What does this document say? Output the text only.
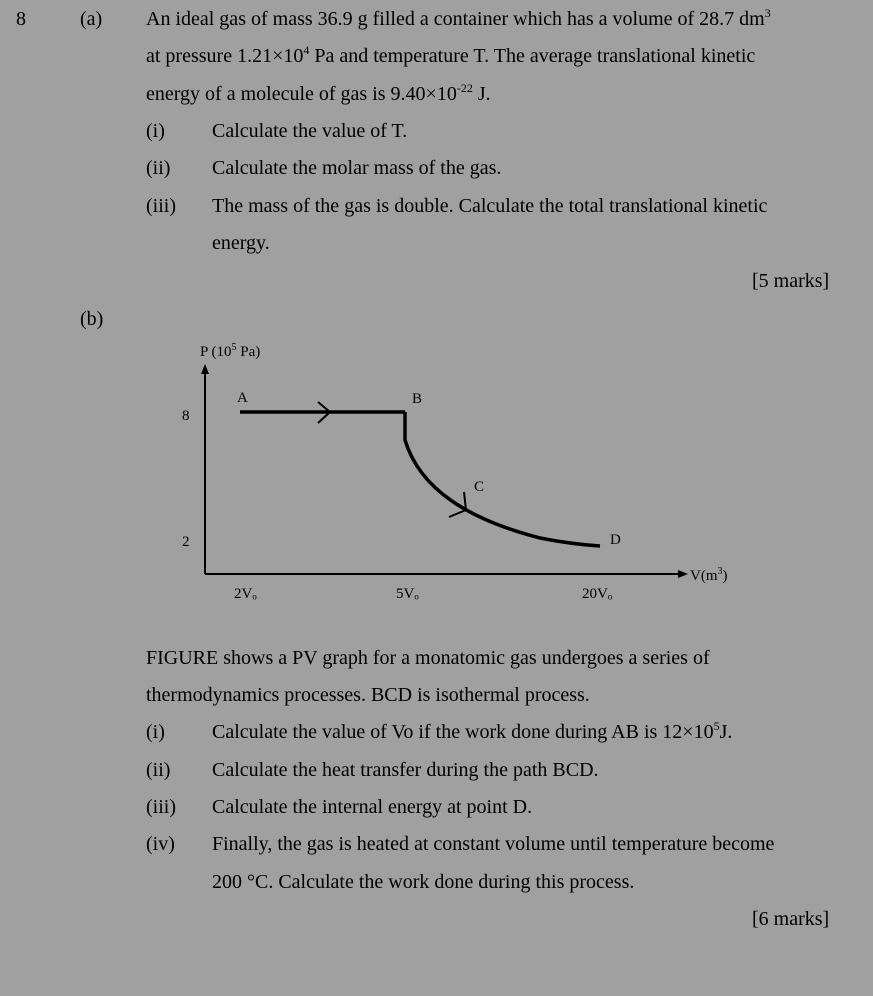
8	(a) An ideal gas of mass 36.9 g filled a container which has a volume of 28.7 $dm^3$
at pressure $1.21\times 10^4$ Pa and temperature T. The average translational kinetic
energy of a molecule of gas is $9.40\times 10^{-22}$ J.
(i) Calculate the value of T.
(ii) Calculate the molar mass of the gas.
(iii) The mass of the gas is double. Calculate the total translational kinetic
energy.
[5 marks]
(b)
P ($10^5$ Pa)
$V(m^3)$
8
2
2Vₒ	5Vₒ	20Vₒ
A	B
C
D
FIGURE shows a PV graph for a monatomic gas undergoes a series of
thermodynamics processes. BCD is isothermal process.
(i) Calculate the value of Vo if the work done during AB is $12\times 10^5J$.
(ii) Calculate the heat transfer during the path BCD.
(iii) Calculate the internal energy at point D.
(iv) Finally, the gas is heated at constant volume until temperature become
200 °C. Calculate the work done during this process.
[6 marks]
